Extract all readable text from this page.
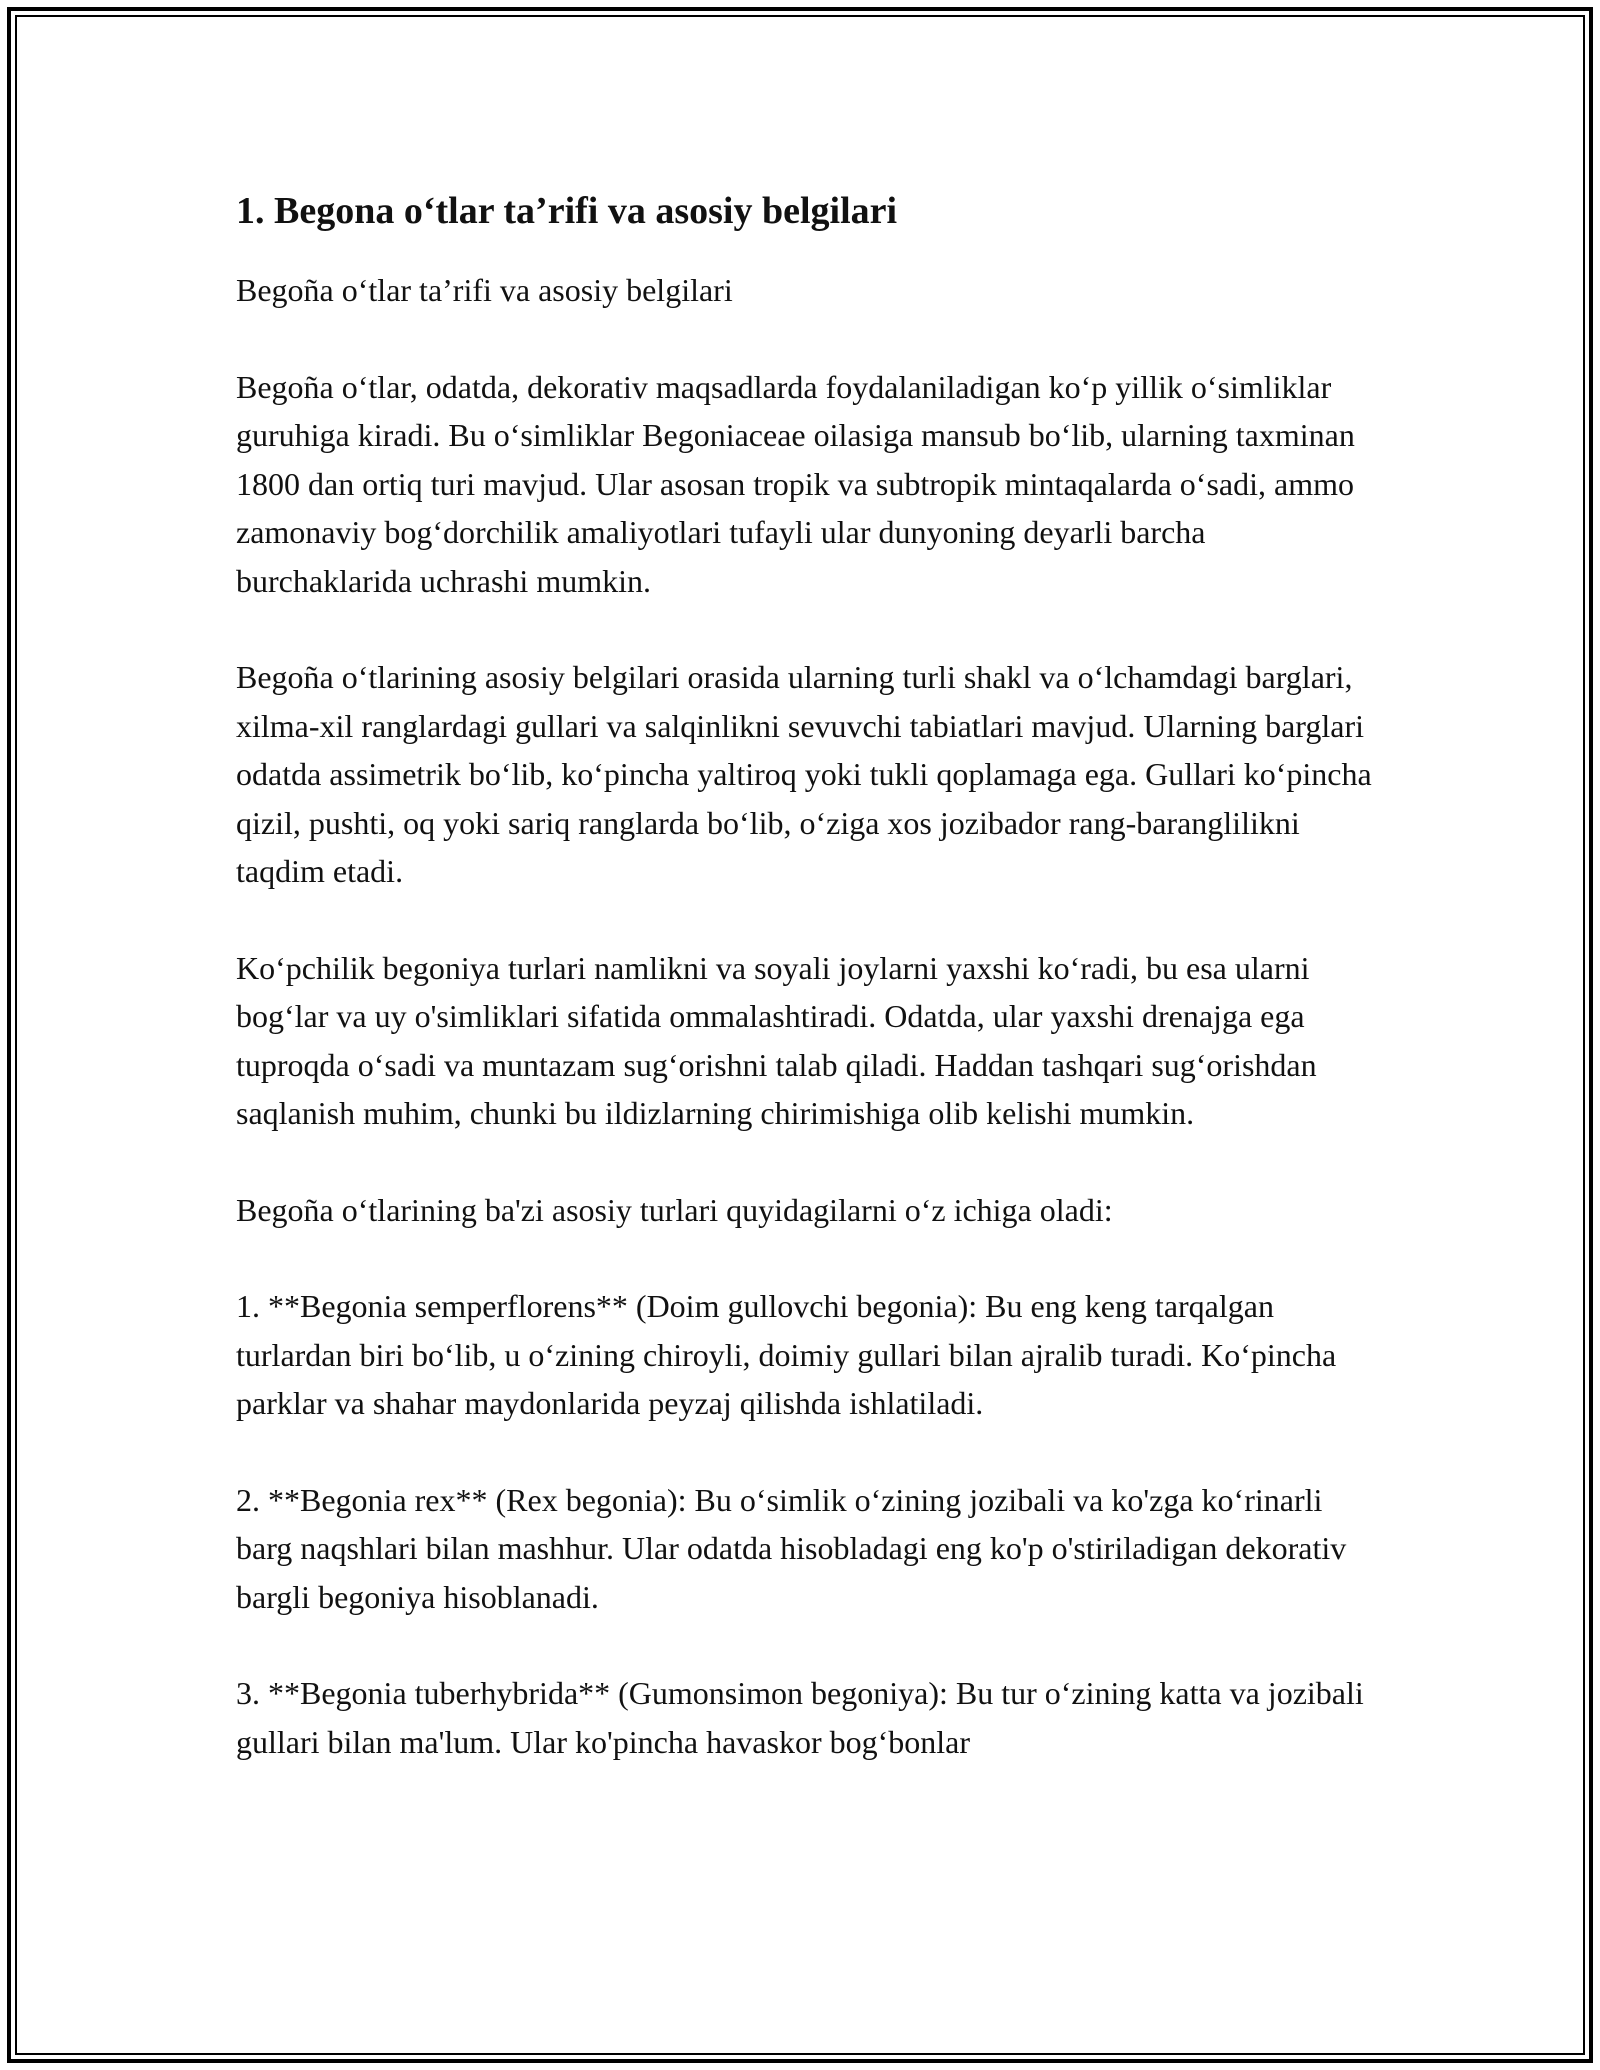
1. Begona o‘tlar ta’rifi va asosiy belgilari

Begoña o‘tlar ta’rifi va asosiy belgilari

Begoña o‘tlar, odatda, dekorativ maqsadlarda foydalaniladigan ko‘p yillik o‘simliklar guruhiga kiradi. Bu o‘simliklar Begoniaceae oilasiga mansub bo‘lib, ularning taxminan 1800 dan ortiq turi mavjud. Ular asosan tropik va subtropik mintaqalarda o‘sadi, ammo zamonaviy bog‘dorchilik amaliyotlari tufayli ular dunyoning deyarli barcha burchaklarida uchrashi mumkin.

Begoña o‘tlarining asosiy belgilari orasida ularning turli shakl va o‘lchamdagi barglari, xilma-xil ranglardagi gullari va salqinlikni sevuvchi tabiatlari mavjud. Ularning barglari odatda assimetrik bo‘lib, ko‘pincha yaltiroq yoki tukli qoplamaga ega. Gullari ko‘pincha qizil, pushti, oq yoki sariq ranglarda bo‘lib, o‘ziga xos jozibador rang-baranglilikni taqdim etadi.

Ko‘pchilik begoniya turlari namlikni va soyali joylarni yaxshi ko‘radi, bu esa ularni bog‘lar va uy o'simliklari sifatida ommalashtiradi. Odatda, ular yaxshi drenajga ega tuproqda o‘sadi va muntazam sug‘orishni talab qiladi. Haddan tashqari sug‘orishdan saqlanish muhim, chunki bu ildizlarning chirimishiga olib kelishi mumkin.

Begoña o‘tlarining ba'zi asosiy turlari quyidagilarni o‘z ichiga oladi:

1. **Begonia semperflorens** (Doim gullovchi begonia): Bu eng keng tarqalgan turlardan biri bo‘lib, u o‘zining chiroyli, doimiy gullari bilan ajralib turadi. Ko‘pincha parklar va shahar maydonlarida peyzaj qilishda ishlatiladi.

2. **Begonia rex** (Rex begonia): Bu o‘simlik o‘zining jozibali va ko'zga ko‘rinarli barg naqshlari bilan mashhur. Ular odatda hisobladagi eng ko'p o'stiriladigan dekorativ bargli begoniya hisoblanadi.

3. **Begonia tuberhybrida** (Gumonsimon begoniya): Bu tur o‘zining katta va jozibali gullari bilan ma'lum. Ular ko'pincha havaskor bog‘bonlar
